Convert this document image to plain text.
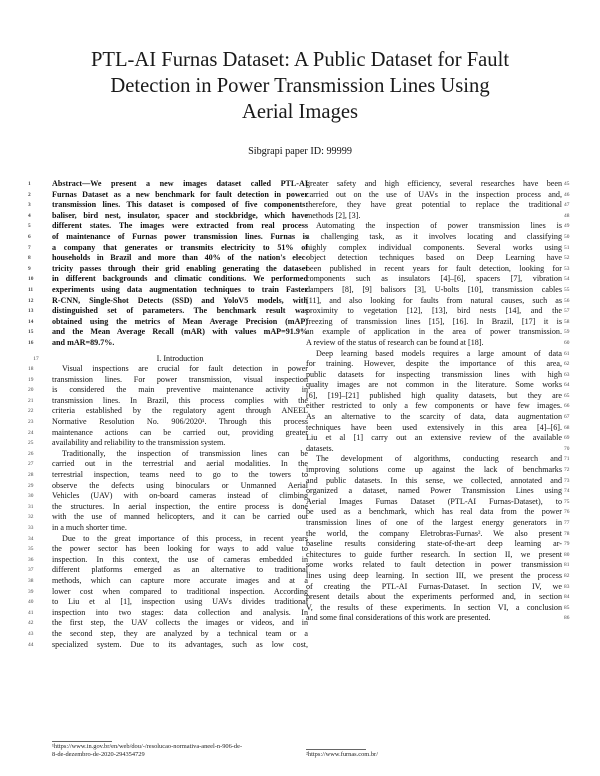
PTL-AI Furnas Dataset: A Public Dataset for Fault
Detection in Power Transmission Lines Using
Aerial Images
Sibgrapi paper ID: 99999
1	Abstract—We present a new images dataset called PTL-AI
2	Furnas Dataset as a new benchmark for fault detection in power
3	transmission lines. This dataset is composed of five components:
4	baliser, bird nest, insulator, spacer and stockbridge, which have
5	different states. The images were extracted from real process
6	of maintenance of Furnas power transmission lines. Furnas is
7	a company that generates or transmits electricity to 51% of
8	households in Brazil and more than 40% of the nation's elec-
9	tricity passes through their grid enabling generating the dataset
10	in different backgrounds and climatic conditions. We performed
11	experiments using data augmentation techniques to train Faster
12	R-CNN, Single-Shot Detects (SSD) and YoloV5 models, with
13	distinguished set of parameters. The benchmark result was
14	obtained using the metrics of Mean Average Precision (mAP)
15	and the Mean Average Recall (mAR) with values mAP=91.9%
16	and mAR=89.7%.
17	I. Introduction
18	Visual inspections are crucial for fault detection in power
19	transmission lines. For power transmission, visual inspection
20	is considered the main preventive maintenance activity in
21	transmission lines. In Brazil, this process complies with the
22	criteria established by the regulatory agent through ANEEL
23	Normative Resolution No. 906/2020¹. Through this process
24	maintenance actions can be carried out, providing greater
25	availability and reliability to the transmission system.
26	Traditionally, the inspection of transmission lines can be
27	carried out in the terrestrial and aerial modalities. In the
28	terrestrial inspection, teams need to go to the towers to
29	observe the defects using binoculars or Unmanned Aerial
30	Vehicles (UAV) with on-board cameras instead of climbing
31	the structures. In aerial inspection, the entire process is done
32	with the use of manned helicopters, and it can be carried out
33	in a much shorter time.
34	Due to the great importance of this process, in recent years
35	the power sector has been looking for ways to add value to
36	inspection. In this context, the use of cameras embedded in
37	different platforms emerged as an alternative to traditional
38	methods, which can capture more accurate images and at a
39	lower cost when compared to traditional inspection. According
40	to Liu et al [1], inspection using UAVs divides traditional
41	inspection into two stages: data collection and analysis. In
42	the first step, the UAV collects the images or videos, and in
43	the second step, they are analyzed by a technical team or a
44	specialized system. Due to its advantages, such as low cost,
45
greater safety and high efficiency, several researches have been
46
carried out on the use of UAVs in the inspection process and,
47
therefore, they have great potential to replace the traditional
48
methods [2], [3].
49
Automating the inspection of power transmission lines is
50
a challenging task, as it involves locating and classifying
51
highly complex individual components. Several works using
52
object detection techniques based on Deep Learning have
53
been published in recent years for fault detection, looking for
54
components such as insulators [4]–[6], spacers [7], vibration
55
dampers [8], [9] balisors [3], U-bolts [10], transmission cables
56
[11], and also looking for faults from natural causes, such as
57
proximity to vegetation [12], [13], bird nests [14], and the
58
freezing of transmission lines [15], [16]. In Brazil, [17] it is
59
an example of application in the area of power transmission.
60
A review of the status of research can be found at [18].
61
Deep learning based models requires a large amount of data
62
for training. However, despite the importance of this area,
63
public datasets for inspecting transmission lines with high
64
quality images are not common in the literature. Some works
65
[6], [19]–[21] published high quality datasets, but they are
66
either restricted to only a few components or have few images.
67
As an alternative to the scarcity of data, data augmentation
68
techniques have been used extensively in this area [4]–[6].
69
Liu et al [1] carry out an extensive review of the available
70
datasets.
71
The development of algorithms, conducting research and
72
improving solutions come up against the lack of benchmarks
73
and public datasets. In this sense, we collected, annotated and
74
organized a dataset, named Power Transmission Lines using
75
Aerial Images Furnas Dataset (PTL-AI Furnas-Dataset), to
76
be used as a benchmark, which has real data from the power
77
transmission lines of one of the largest energy generators in
78
the world, the company Eletrobras-Furnas². We also present
79
baseline results considering state-of-the-art deep learning ar-
80
chitectures to guide further research. In section II, we present
81
some works related to fault detection in power transmission
82
lines using deep learning. In section III, we present the process
83
of creating the PTL-AI Furnas-Dataset. In section IV, we
84
present details about the experiments performed and, in section
85
V, the results of these experiments. In section VI, a conclusion
86
and some final considerations of this work are presented.
¹https://www.in.gov.br/en/web/dou/-/resolucao-normativa-aneel-n-906-de-
8-de-dezembro-de-2020-294354729	²https://www.furnas.com.br/
